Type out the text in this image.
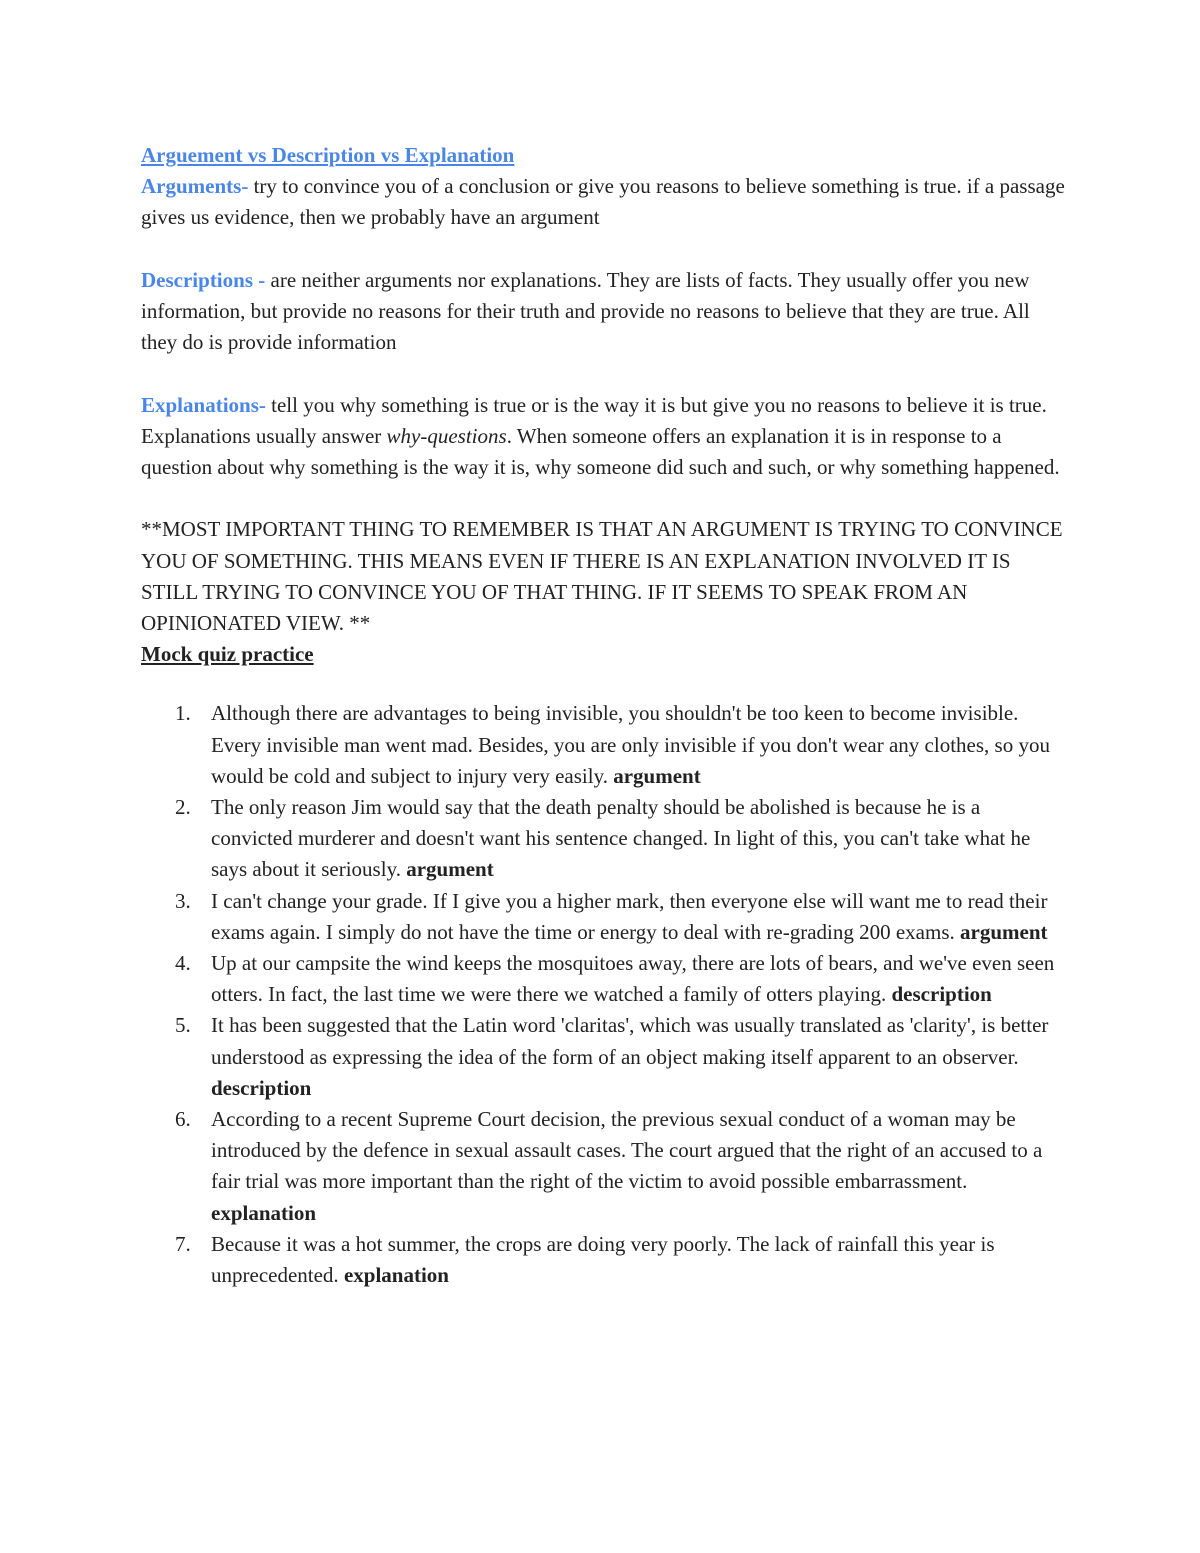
Arguement vs Description vs Explanation

Arguments- try to convince you of a conclusion or give you reasons to believe something is true. if a passage gives us evidence, then we probably have an argument

Descriptions - are neither arguments nor explanations. They are lists of facts. They usually offer you new information, but provide no reasons for their truth and provide no reasons to believe that they are true. All they do is provide information

Explanations- tell you why something is true or is the way it is but give you no reasons to believe it is true. Explanations usually answer why-questions. When someone offers an explanation it is in response to a question about why something is the way it is, why someone did such and such, or why something happened.

**MOST IMPORTANT THING TO REMEMBER IS THAT AN ARGUMENT IS TRYING TO CONVINCE YOU OF SOMETHING. THIS MEANS EVEN IF THERE IS AN EXPLANATION INVOLVED IT IS STILL TRYING TO CONVINCE YOU OF THAT THING. IF IT SEEMS TO SPEAK FROM AN OPINIONATED VIEW. **

Mock quiz practice

1. Although there are advantages to being invisible, you shouldn't be too keen to become invisible. Every invisible man went mad. Besides, you are only invisible if you don't wear any clothes, so you would be cold and subject to injury very easily. argument
2. The only reason Jim would say that the death penalty should be abolished is because he is a convicted murderer and doesn't want his sentence changed. In light of this, you can't take what he says about it seriously. argument
3. I can't change your grade. If I give you a higher mark, then everyone else will want me to read their exams again. I simply do not have the time or energy to deal with re-grading 200 exams. argument
4. Up at our campsite the wind keeps the mosquitoes away, there are lots of bears, and we've even seen otters. In fact, the last time we were there we watched a family of otters playing. description
5. It has been suggested that the Latin word 'claritas', which was usually translated as 'clarity', is better understood as expressing the idea of the form of an object making itself apparent to an observer. description
6. According to a recent Supreme Court decision, the previous sexual conduct of a woman may be introduced by the defence in sexual assault cases. The court argued that the right of an accused to a fair trial was more important than the right of the victim to avoid possible embarrassment. explanation
7. Because it was a hot summer, the crops are doing very poorly. The lack of rainfall this year is unprecedented. explanation
